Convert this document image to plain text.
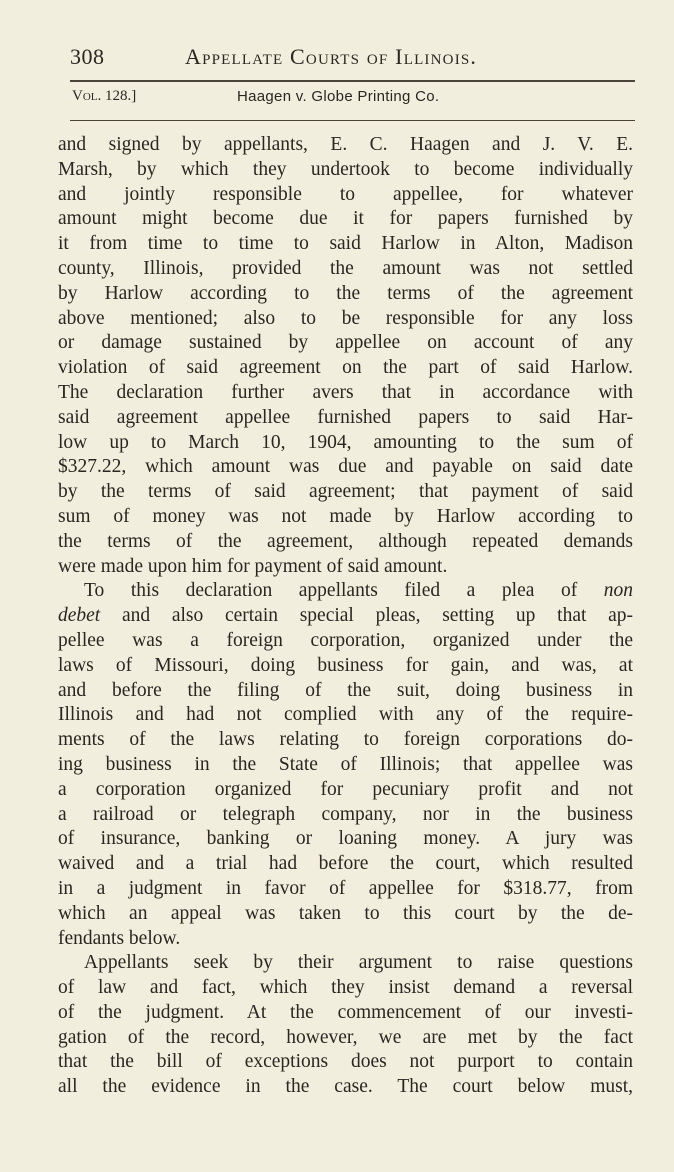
308	Appellate Courts of Illinois.
Vol. 128.]	Haagen v. Globe Printing Co.
and signed by appellants, E. C. Haagen and J. V. E.
Marsh, by which they undertook to become individually
and jointly responsible to appellee, for whatever
amount might become due it for papers furnished by
it from time to time to said Harlow in Alton, Madison
county, Illinois, provided the amount was not settled
by Harlow according to the terms of the agreement
above mentioned; also to be responsible for any loss
or damage sustained by appellee on account of any
violation of said agreement on the part of said Harlow.
The declaration further avers that in accordance with
said agreement appellee furnished papers to said Har-
low up to March 10, 1904, amounting to the sum of
$327.22, which amount was due and payable on said date
by the terms of said agreement; that payment of said
sum of money was not made by Harlow according to
the terms of the agreement, although repeated demands
were made upon him for payment of said amount.
To this declaration appellants filed a plea of non
debet and also certain special pleas, setting up that ap-
pellee was a foreign corporation, organized under the
laws of Missouri, doing business for gain, and was, at
and before the filing of the suit, doing business in
Illinois and had not complied with any of the require-
ments of the laws relating to foreign corporations do-
ing business in the State of Illinois; that appellee was
a corporation organized for pecuniary profit and not
a railroad or telegraph company, nor in the business
of insurance, banking or loaning money. A jury was
waived and a trial had before the court, which resulted
in a judgment in favor of appellee for $318.77, from
which an appeal was taken to this court by the de-
fendants below.
Appellants seek by their argument to raise questions
of law and fact, which they insist demand a reversal
of the judgment. At the commencement of our investi-
gation of the record, however, we are met by the fact
that the bill of exceptions does not purport to contain
all the evidence in the case. The court below must,
